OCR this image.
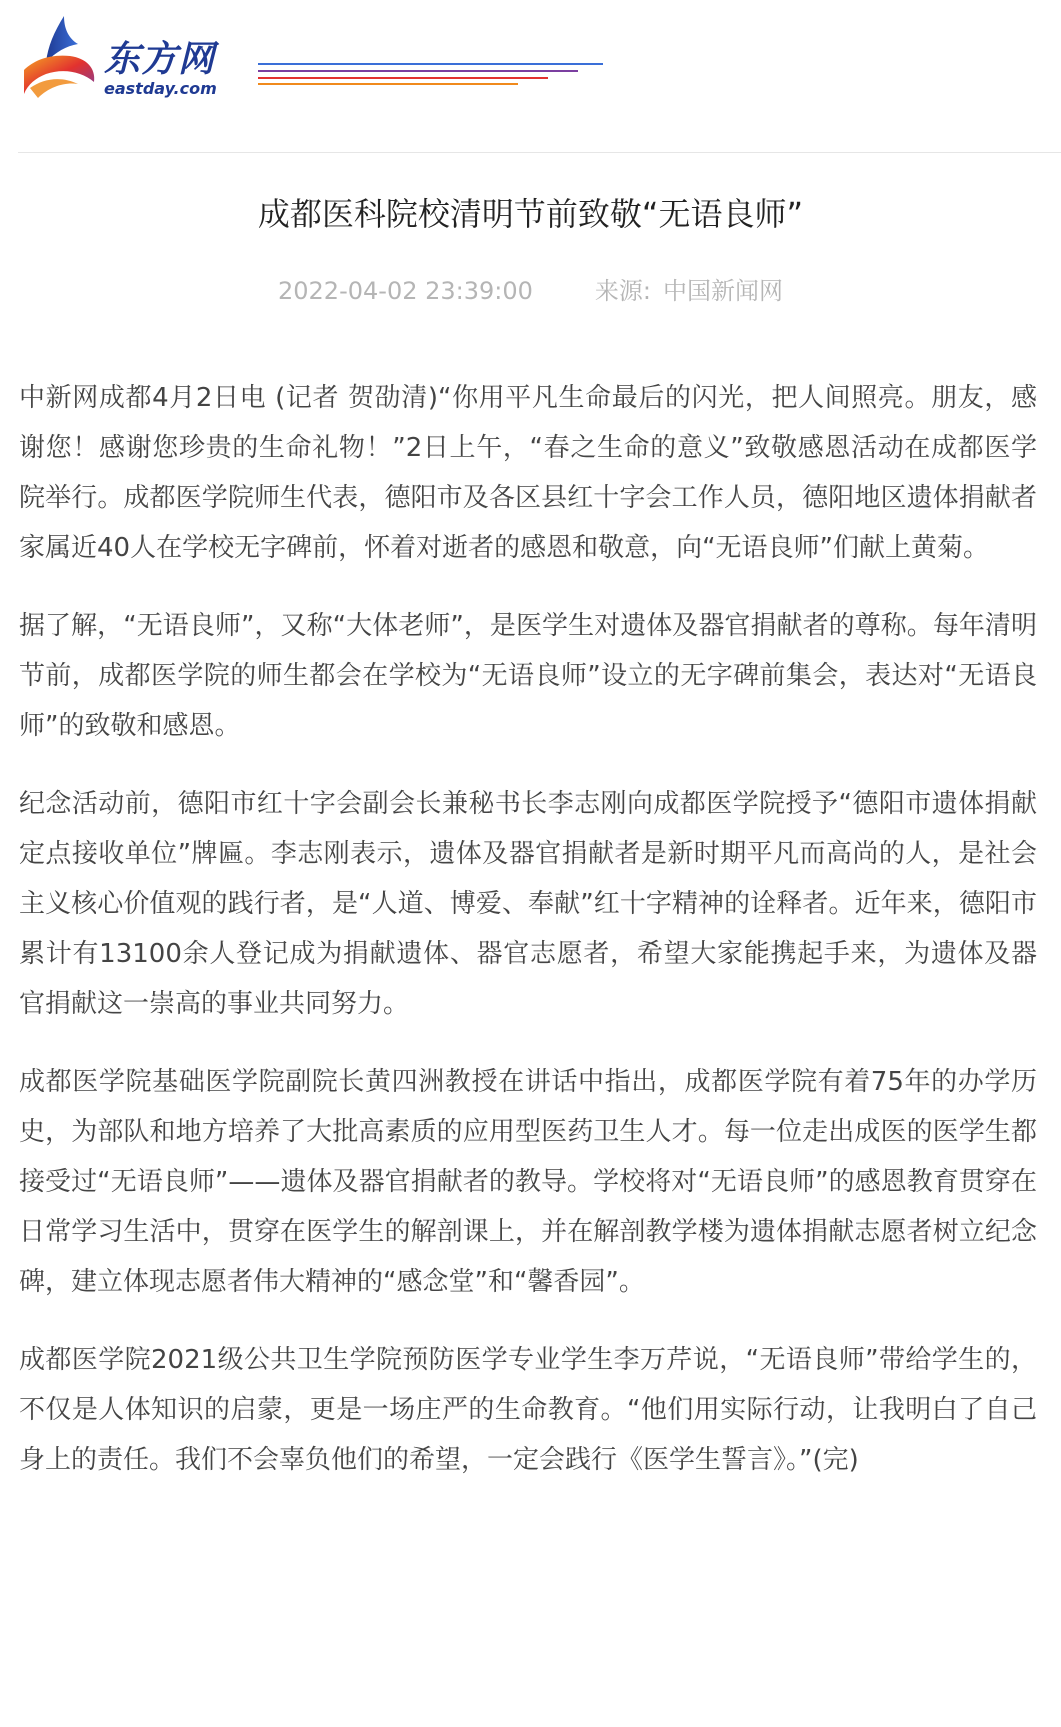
东方网
eastday.com
成都医科院校清明节前致敬“无语良师”
2022-04-02 23:39:00	来源: 中国新闻网

中新网成都4月2日电 (记者 贺劭清)“你用平凡生命最后的闪光，把人间照亮。朋友，感谢您！感谢您珍贵的生命礼物！”2日上午，“春之生命的意义”致敬感恩活动在成都医学院举行。成都医学院师生代表，德阳市及各区县红十字会工作人员，德阳地区遗体捐献者家属近40人在学校无字碑前，怀着对逝者的感恩和敬意，向“无语良师”们献上黄菊。

据了解，“无语良师”，又称“大体老师”，是医学生对遗体及器官捐献者的尊称。每年清明节前，成都医学院的师生都会在学校为“无语良师”设立的无字碑前集会，表达对“无语良师”的致敬和感恩。

纪念活动前，德阳市红十字会副会长兼秘书长李志刚向成都医学院授予“德阳市遗体捐献定点接收单位”牌匾。李志刚表示，遗体及器官捐献者是新时期平凡而高尚的人，是社会主义核心价值观的践行者，是“人道、博爱、奉献”红十字精神的诠释者。近年来，德阳市累计有13100余人登记成为捐献遗体、器官志愿者，希望大家能携起手来，为遗体及器官捐献这一崇高的事业共同努力。

成都医学院基础医学院副院长黄四洲教授在讲话中指出，成都医学院有着75年的办学历史，为部队和地方培养了大批高素质的应用型医药卫生人才。每一位走出成医的医学生都接受过“无语良师”——遗体及器官捐献者的教导。学校将对“无语良师”的感恩教育贯穿在日常学习生活中，贯穿在医学生的解剖课上，并在解剖教学楼为遗体捐献志愿者树立纪念碑，建立体现志愿者伟大精神的“感念堂”和“馨香园”。

成都医学院2021级公共卫生学院预防医学专业学生李万芹说，“无语良师”带给学生的，不仅是人体知识的启蒙，更是一场庄严的生命教育。“他们用实际行动，让我明白了自己身上的责任。我们不会辜负他们的希望，一定会践行《医学生誓言》。”(完)
